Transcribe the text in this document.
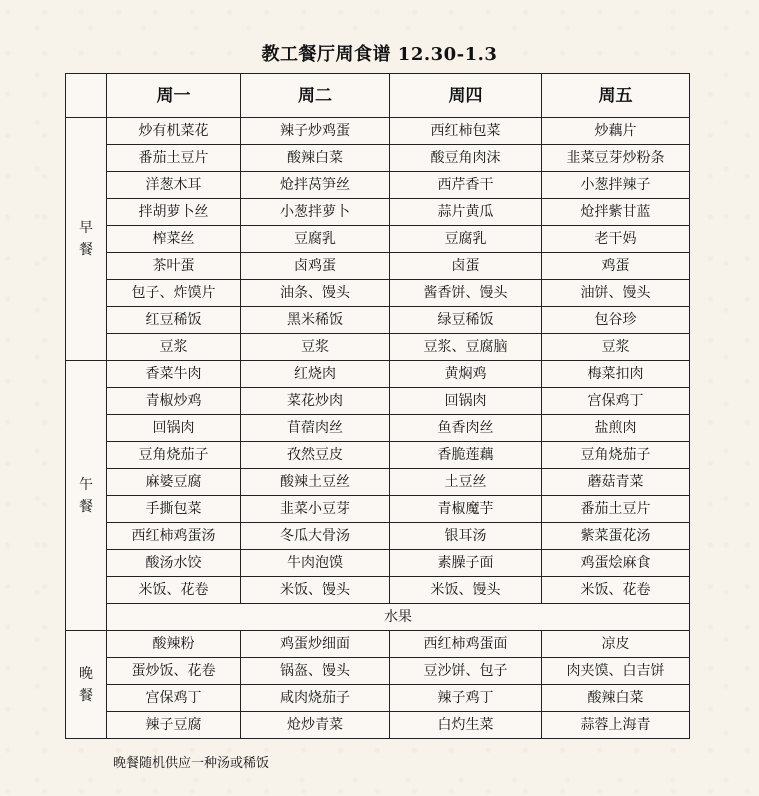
教工餐厅周食谱 12.30-1.3
	周一	周二	周四	周五

早
餐	炒有机菜花	辣子炒鸡蛋	西红柿包菜	炒藕片
	番茄土豆片	酸辣白菜	酸豆角肉沫	韭菜豆芽炒粉条
	洋葱木耳	炝拌莴笋丝	西芹香干	小葱拌辣子
	拌胡萝卜丝	小葱拌萝卜	蒜片黄瓜	炝拌紫甘蓝
	榨菜丝	豆腐乳	豆腐乳	老干妈
	茶叶蛋	卤鸡蛋	卤蛋	鸡蛋
	包子、炸馍片	油条、馒头	酱香饼、馒头	油饼、馒头
	红豆稀饭	黑米稀饭	绿豆稀饭	包谷珍
	豆浆	豆浆	豆浆、豆腐脑	豆浆

午
餐	香菜牛肉	红烧肉	黄焖鸡	梅菜扣肉
	青椒炒鸡	菜花炒肉	回锅肉	宫保鸡丁
	回锅肉	苜蓿肉丝	鱼香肉丝	盐煎肉
	豆角烧茄子	孜然豆皮	香脆莲藕	豆角烧茄子
	麻婆豆腐	酸辣土豆丝	土豆丝	蘑菇青菜
	手撕包菜	韭菜小豆芽	青椒魔芋	番茄土豆片
	西红柿鸡蛋汤	冬瓜大骨汤	银耳汤	紫菜蛋花汤
	酸汤水饺	牛肉泡馍	素臊子面	鸡蛋烩麻食
	米饭、花卷	米饭、馒头	米饭、馒头	米饭、花卷
	水果			

晚
餐	酸辣粉	鸡蛋炒细面	西红柿鸡蛋面	凉皮
	蛋炒饭、花卷	锅盔、馒头	豆沙饼、包子	肉夹馍、白吉饼
	宫保鸡丁	咸肉烧茄子	辣子鸡丁	酸辣白菜
	辣子豆腐	炝炒青菜	白灼生菜	蒜蓉上海青
晚餐随机供应一种汤或稀饭
